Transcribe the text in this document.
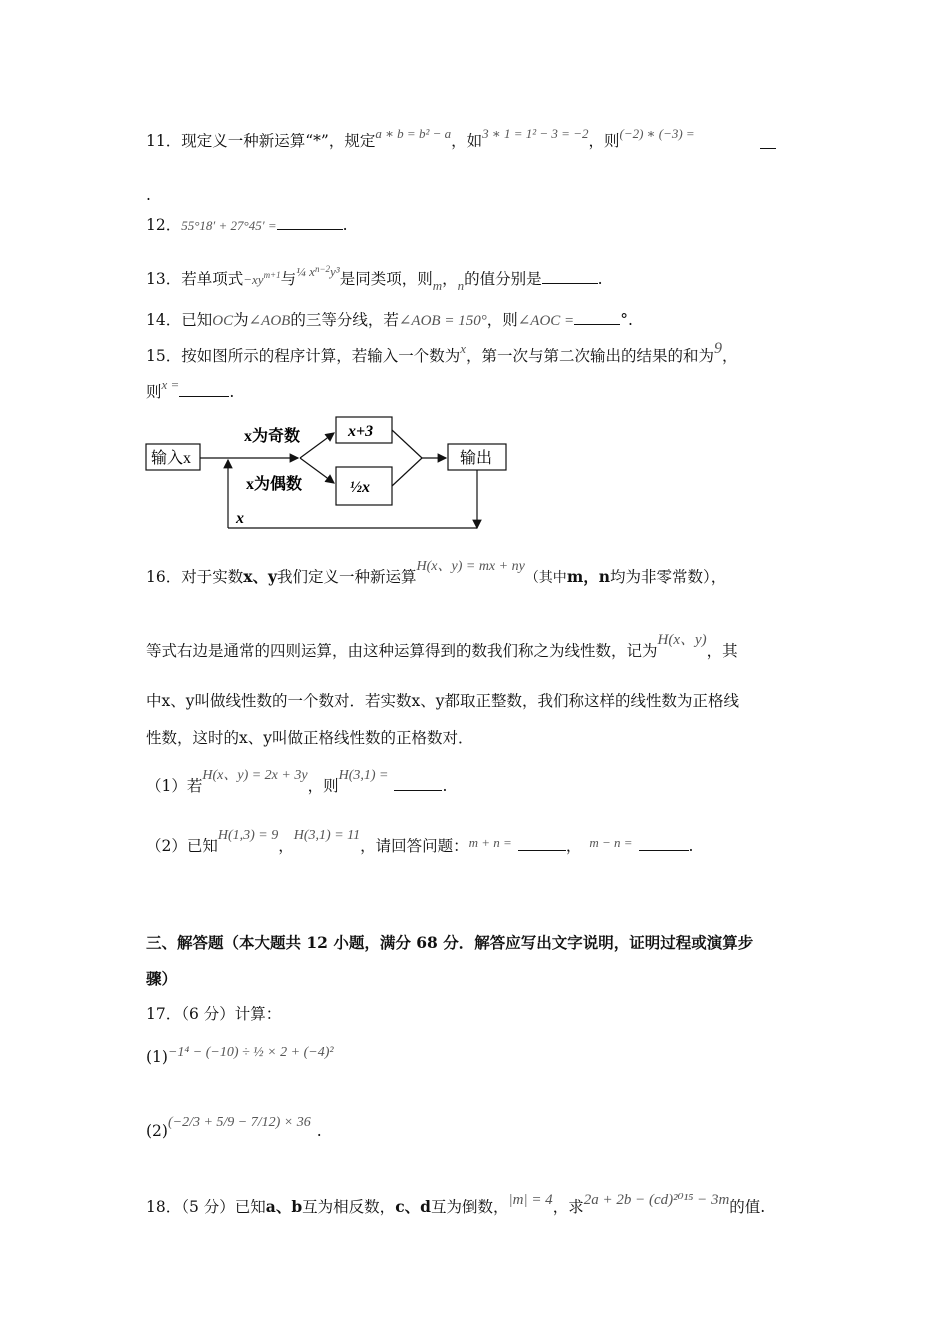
11．现定义一种新运算“*”，规定$^{a ∗ b = b^2 - a}$，如$^{3 ∗ 1 = 1^2 - 3 = -2}$，则$^{(-2) ∗ (-3) =}$
.
12．55°18′ + 27°45′ =	.
13．若单项式$-xy^{m+1}$与$^{\frac{1}{4} xn-2y^3}$是同类项，则$_m$，$_n$的值分别是	.
14．已知OC为∠AOB的三等分线，若∠AOB = 150°，则∠AOC =	°.
15．按如图所示的程序计算，若输入一个数为$^x$，第一次与第二次输出的结果的和为9，
则$^{x =}$	.
输入x
x为奇数
x为偶数
x+3
½x
输出
x
16．对于实数x、y我们定义一种新运算H(x、y) = mx + ny（其中m，n均为非零常数），
等式右边是通常的四则运算，由这种运算得到的数我们称之为线性数，记为H(x、y)，其
中x、y叫做线性数的一个数对．若实数x、y都取正整数，我们称这样的线性数为正格线
性数，这时的x、y叫做正格线性数的正格数对．
（1）若H(x、y) = 2x + 3y，则H(3,1) =.
（2）已知H(1,3) = 9，H(3,1) = 11，请回答问题：$^{m + n =}$	， $^{m - n =}$	.
三、解答题（本大题共 12 小题，满分 68 分．解答应写出文字说明，证明过程或演算步
骤）
17．（6 分）计算：
(1)−1⁴ − (−10) ÷ ½ × 2 + (−4)²
(2)(−2/3 + 5/9 − 7/12) × 36 .
18．（5 分）已知a、b互为相反数，c、d互为倒数，|m| = 4，求2a + 2b − (cd)²⁰¹⁵ − 3m的值.
